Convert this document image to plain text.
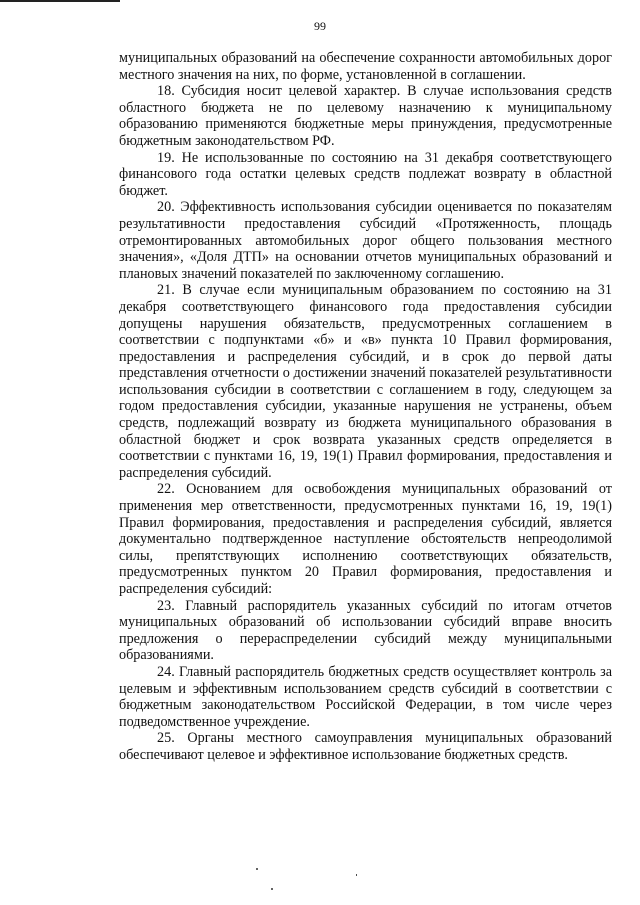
99

муниципальных образований на обеспечение сохранности автомобильных дорог местного значения на них, по форме, установленной в соглашении.

18. Субсидия носит целевой характер. В случае использования средств областного бюджета не по целевому назначению к муниципальному образованию применяются бюджетные меры принуждения, предусмотренные бюджетным законодательством РФ.

19. Не использованные по состоянию на 31 декабря соответствующего финансового года остатки целевых средств подлежат возврату в областной бюджет.

20. Эффективность использования субсидии оценивается по показателям результативности предоставления субсидий «Протяженность, площадь отремонтированных автомобильных дорог общего пользования местного значения», «Доля ДТП» на основании отчетов муниципальных образований и плановых значений показателей по заключенному соглашению.

21. В случае если муниципальным образованием по состоянию на 31 декабря соответствующего финансового года предоставления субсидии допущены нарушения обязательств, предусмотренных соглашением в соответствии с подпунктами «б» и «в» пункта 10 Правил формирования, предоставления и распределения субсидий, и в срок до первой даты представления отчетности о достижении значений показателей результативности использования субсидии в соответствии с соглашением в году, следующем за годом предоставления субсидии, указанные нарушения не устранены, объем средств, подлежащий возврату из бюджета муниципального образования в областной бюджет и срок возврата указанных средств определяется в соответствии с пунктами 16, 19, 19(1) Правил формирования, предоставления и распределения субсидий.

22. Основанием для освобождения муниципальных образований от применения мер ответственности, предусмотренных пунктами 16, 19, 19(1) Правил формирования, предоставления и распределения субсидий, является документально подтвержденное наступление обстоятельств непреодолимой силы, препятствующих исполнению соответствующих обязательств, предусмотренных пунктом 20 Правил формирования, предоставления и распределения субсидий:

23. Главный распорядитель указанных субсидий по итогам отчетов муниципальных образований об использовании субсидий вправе вносить предложения о перераспределении субсидий между муниципальными образованиями.

24. Главный распорядитель бюджетных средств осуществляет контроль за целевым и эффективным использованием средств субсидий в соответствии с бюджетным законодательством Российской Федерации, в том числе через подведомственное учреждение.

25. Органы местного самоуправления муниципальных образований обеспечивают целевое и эффективное использование бюджетных средств.
